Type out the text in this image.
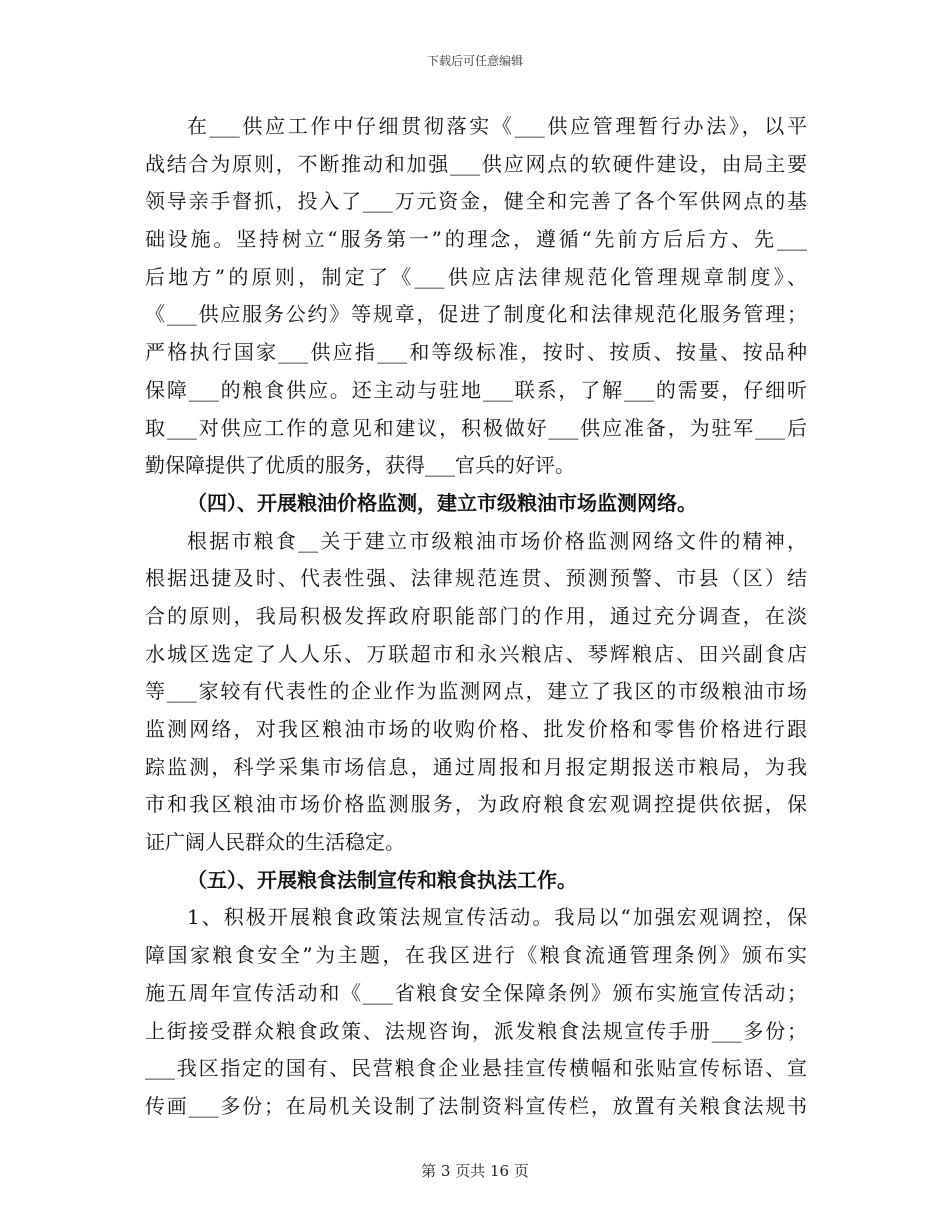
下载后可任意编辑
在___供应工作中仔细贯彻落实《___供应管理暂行办法》，以平
战结合为原则，不断推动和加强___供应网点的软硬件建设，由局主要
领导亲手督抓，投入了___万元资金，健全和完善了各个军供网点的基
础设施。坚持树立“服务第一”的理念，遵循“先前方后后方、先___
后地方”的原则，制定了《___供应店法律规范化管理规章制度》、
《___供应服务公约》等规章，促进了制度化和法律规范化服务管理；
严格执行国家___供应指___和等级标准，按时、按质、按量、按品种
保障___的粮食供应。还主动与驻地___联系，了解___的需要，仔细听
取___对供应工作的意见和建议，积极做好___供应准备，为驻军___后
勤保障提供了优质的服务，获得___官兵的好评。
（四）、开展粮油价格监测，建立市级粮油市场监测网络。
根据市粮食__关于建立市级粮油市场价格监测网络文件的精神，
根据迅捷及时、代表性强、法律规范连贯、预测预警、市县（区）结
合的原则，我局积极发挥政府职能部门的作用，通过充分调查，在淡
水城区选定了人人乐、万联超市和永兴粮店、琴辉粮店、田兴副食店
等___家较有代表性的企业作为监测网点，建立了我区的市级粮油市场
监测网络，对我区粮油市场的收购价格、批发价格和零售价格进行跟
踪监测，科学采集市场信息，通过周报和月报定期报送市粮局，为我
市和我区粮油市场价格监测服务，为政府粮食宏观调控提供依据，保
证广阔人民群众的生活稳定。
（五）、开展粮食法制宣传和粮食执法工作。
1、积极开展粮食政策法规宣传活动。我局以“加强宏观调控，保
障国家粮食安全”为主题，在我区进行《粮食流通管理条例》颁布实
施五周年宣传活动和《___省粮食安全保障条例》颁布实施宣传活动；
上街接受群众粮食政策、法规咨询，派发粮食法规宣传手册___多份；
___我区指定的国有、民营粮食企业悬挂宣传横幅和张贴宣传标语、宣
传画___多份；在局机关设制了法制资料宣传栏，放置有关粮食法规书
第 3 页共 16 页
